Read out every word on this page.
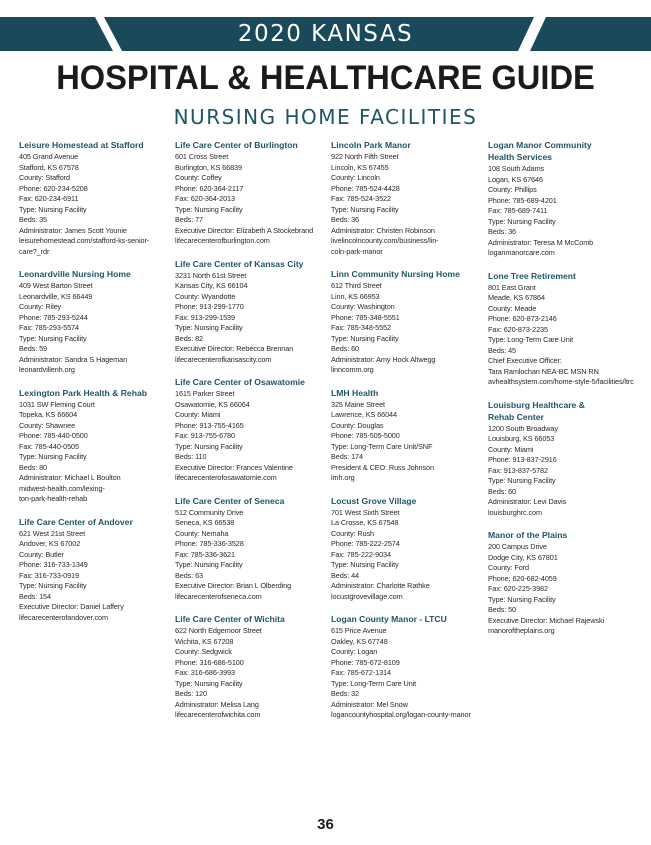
2020 KANSAS
HOSPITAL & HEALTHCARE GUIDE
NURSING HOME FACILITIES
Leisure Homestead at Stafford
405 Grand Avenue
Stafford, KS 67578
County: Stafford
Phone: 620-234-5208
Fax: 620-234-6911
Type: Nursing Facility
Beds: 35
Administrator: James Scott Younie
leisurehomestead.com/stafford-ks-senior-
care?_rdr
Leonardville Nursing Home
409 West Barton Street
Leonardville, KS 66449
County: Riley
Phone: 785-293-5244
Fax: 785-293-5574
Type: Nursing Facility
Beds: 59
Administrator: Sandra S Hageman
leonardvillenh.org
Lexington Park Health & Rehab
1031 SW Fleming Court
Topeka, KS 66604
County: Shawnee
Phone: 785-440-0500
Fax: 785-440-0505
Type: Nursing Facility
Beds: 80
Administrator: Michael L Boulton
midwest-health.com/lexing-
ton-park-health-rehab
Life Care Center of Andover
621 West 21st Street
Andover, KS 67002
County: Butler
Phone: 316-733-1349
Fax: 316-733-0919
Type: Nursing Facility
Beds: 154
Executive Director: Daniel Laffery
lifecarecenterofandover.com
Life Care Center of Burlington
601 Cross Street
Burlington, KS 66839
County: Coffey
Phone: 620-364-2117
Fax: 620-364-2013
Type: Nursing Facility
Beds: 77
Executive Director: Elizabeth A Stockebrand
lifecarecenterofburlington.com
Life Care Center of Kansas City
3231 North 61st Street
Kansas City, KS 66104
County: Wyandotte
Phone: 913-299-1770
Fax: 913-299-1539
Type: Nursing Facility
Beds: 82
Executive Director: Rebecca Brennan
lifecarecenterofkansascity.com
Life Care Center of Osawatomie
1615 Parker Street
Osawatomie, KS 66064
County: Miami
Phone: 913-755-4165
Fax: 913-755-6780
Type: Nursing Facility
Beds: 110
Executive Director: Frances Valentine
lifecarecenterofosawatomie.com
Life Care Center of Seneca
512 Community Drive
Seneca, KS 66538
County: Nemaha
Phone: 785-336-3528
Fax: 785-336-3621
Type: Nursing Facility
Beds: 63
Executive Director: Brian L Olberding
lifecarecenterofseneca.com
Life Care Center of Wichita
622 North Edgemoor Street
Wichita, KS 67208
County: Sedgwick
Phone: 316-686-5100
Fax: 316-686-3993
Type: Nursing Facility
Beds: 120
Administrator: Melisa Lang
lifecarecenterofwichita.com
Lincoln Park Manor
922 North Fifth Street
Lincoln, KS 67455
County: Lincoln
Phone: 785-524-4428
Fax: 785-524-3522
Type: Nursing Facility
Beds: 36
Administrator: Christen Robinson
livelincolncounty.com/business/lin-
coln-park-manor
Linn Community Nursing Home
612 Third Street
Linn, KS 66953
County: Washington
Phone: 785-348-5551
Fax: 785-348-5552
Type: Nursing Facility
Beds: 60
Administrator: Amy Hock Altwegg
linncomm.org
LMH Health
325 Maine Street
Lawrence, KS 66044
County: Douglas
Phone: 785-505-5000
Type: Long-Term Care Unit/SNF
Beds: 174
President & CEO: Russ Johnson
lmh.org
Locust Grove Village
701 West Sixth Street
La Crosse, KS 67548
County: Rush
Phone: 785-222-2574
Fax: 785-222-9034
Type: Nursing Facility
Beds: 44
Administrator: Charlotte Rathke
locustgrovevillage.com
Logan County Manor - LTCU
615 Price Avenue
Oakley, KS 67748
County: Logan
Phone: 785-672-8109
Fax: 785-672-1314
Type: Long-Term Care Unit
Beds: 32
Administrator: Mel Snow
logancountyhospital.org/logan-county-manor
Logan Manor Community
Health Services
108 South Adams
Logan, KS 67646
County: Phillips
Phone: 785-689-4201
Fax: 785-689-7411
Type: Nursing Facility
Beds: 36
Administrator: Teresa M McComb
loganmanorcare.com
Lone Tree Retirement
801 East Grant
Meade, KS 67864
County: Meade
Phone: 620-873-2146
Fax: 620-873-2235
Type: Long-Term Care Unit
Beds: 45
Chief Executive Officer:
Tara Ramlochan NEA-BC MSN RN
avhealthsystem.com/home-style-5/facilities/ltrc
Louisburg Healthcare &
Rehab Center
1200 South Broadway
Louisburg, KS 66053
County: Miami
Phone: 913-837-2916
Fax: 913-837-5782
Type: Nursing Facility
Beds: 60
Administrator: Levi Davis
louisburghrc.com
Manor of the Plains
200 Campus Drive
Dodge City, KS 67801
County: Ford
Phone: 620-682-4059
Fax: 620-225-3982
Type: Nursing Facility
Beds: 50
Executive Director: Michael Rajewski
manoroftheplains.org
36
